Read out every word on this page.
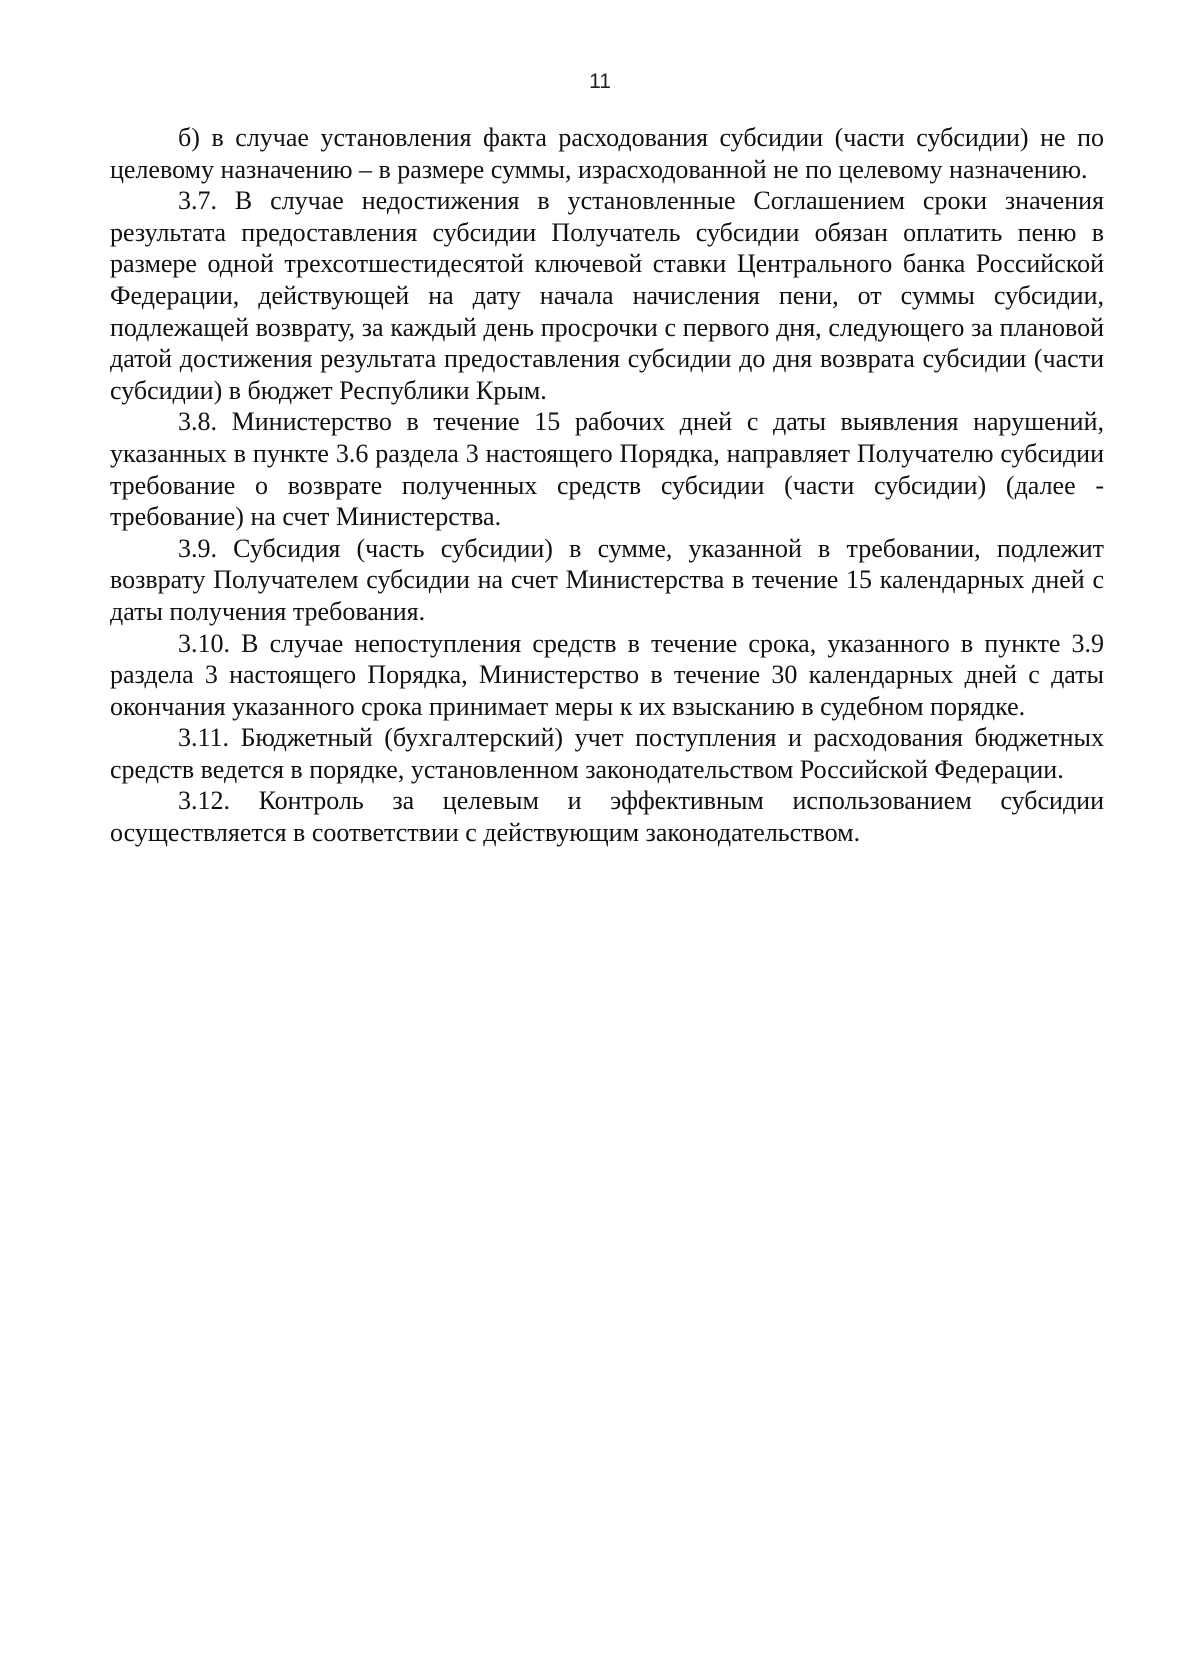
11

б) в случае установления факта расходования субсидии (части субсидии) не по целевому назначению – в размере суммы, израсходованной не по целевому назначению.

3.7. В случае недостижения в установленные Соглашением сроки значения результата предоставления субсидии Получатель субсидии обязан оплатить пеню в размере одной трехсотшестидесятой ключевой ставки Центрального банка Российской Федерации, действующей на дату начала начисления пени, от суммы субсидии, подлежащей возврату, за каждый день просрочки с первого дня, следующего за плановой датой достижения результата предоставления субсидии до дня возврата субсидии (части субсидии) в бюджет Республики Крым.

3.8. Министерство в течение 15 рабочих дней с даты выявления нарушений, указанных в пункте 3.6 раздела 3 настоящего Порядка, направляет Получателю субсидии требование о возврате полученных средств субсидии (части субсидии) (далее - требование) на счет Министерства.

3.9. Субсидия (часть субсидии) в сумме, указанной в требовании, подлежит возврату Получателем субсидии на счет Министерства в течение 15 календарных дней с даты получения требования.

3.10. В случае непоступления средств в течение срока, указанного в пункте 3.9 раздела 3 настоящего Порядка, Министерство в течение 30 календарных дней с даты окончания указанного срока принимает меры к их взысканию в судебном порядке.

3.11. Бюджетный (бухгалтерский) учет поступления и расходования бюджетных средств ведется в порядке, установленном законодательством Российской Федерации.

3.12. Контроль за целевым и эффективным использованием субсидии осуществляется в соответствии с действующим законодательством.
